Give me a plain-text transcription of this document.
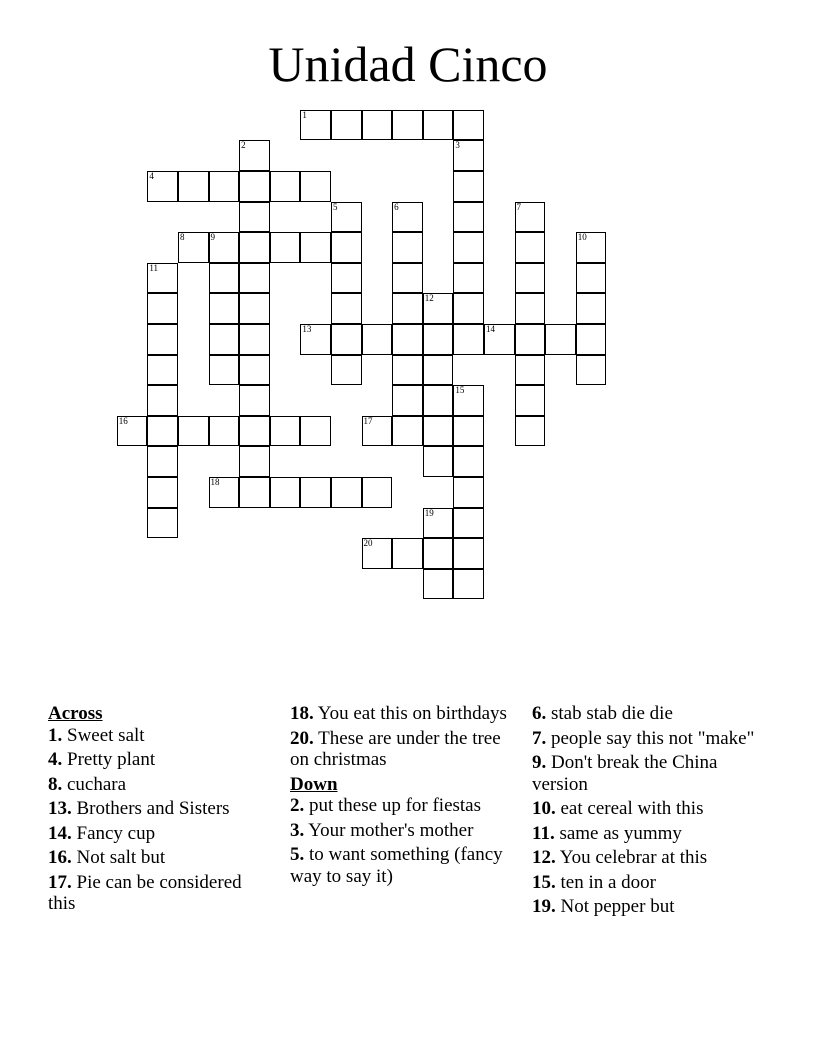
Unidad Cinco
1
2	3
4
5	6	7
8	9	10
11
12
13	14
15
16	17
18
19
20
Across
1. Sweet salt
4. Pretty plant
8. cuchara
13. Brothers and Sisters
14. Fancy cup
16. Not salt but
17. Pie can be considered this
18. You eat this on birthdays
20. These are under the tree on christmas
Down
2. put these up for fiestas
3. Your mother's mother
5. to want something (fancy way to say it)
6. stab stab die die
7. people say this not "make"
9. Don't break the China version
10. eat cereal with this
11. same as yummy
12. You celebrar at this
15. ten in a door
19. Not pepper but
